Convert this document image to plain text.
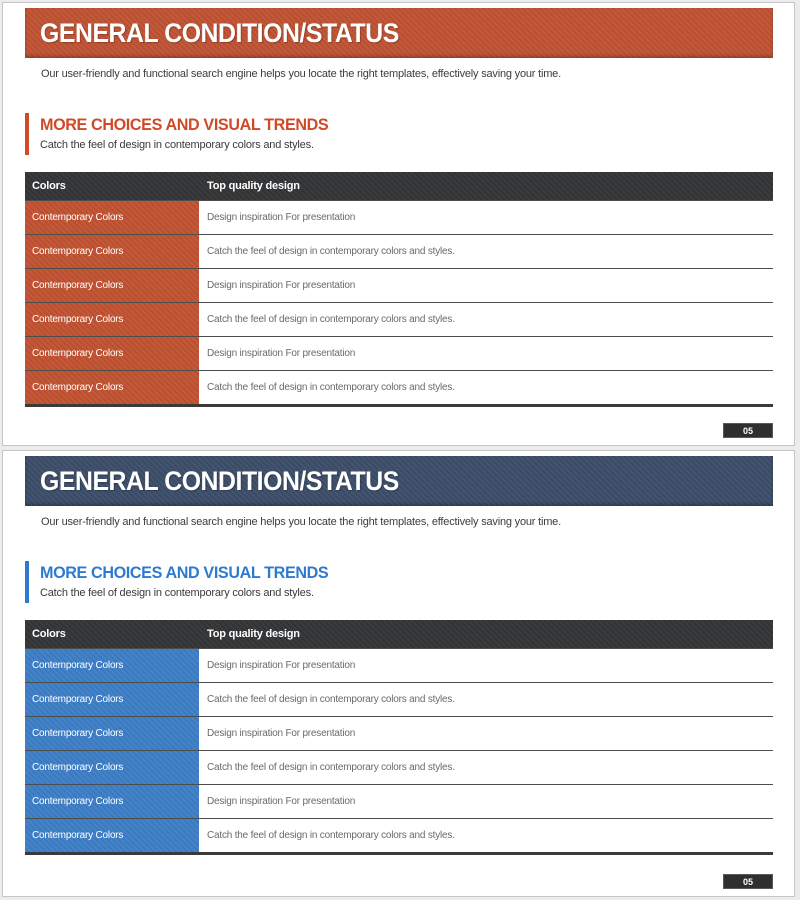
GENERAL CONDITION/STATUS
Our user-friendly and functional search engine helps you locate the right templates, effectively saving your time.
MORE CHOICES AND VISUAL TRENDS
Catch the feel of design in contemporary colors and styles.
Colors	Top quality design
Contemporary Colors	Design inspiration For presentation
Contemporary Colors	Catch the feel of design in contemporary colors and styles.
Contemporary Colors	Design inspiration For presentation
Contemporary Colors	Catch the feel of design in contemporary colors and styles.
Contemporary Colors	Design inspiration For presentation
Contemporary Colors	Catch the feel of design in contemporary colors and styles.
05
GENERAL CONDITION/STATUS
Our user-friendly and functional search engine helps you locate the right templates, effectively saving your time.
MORE CHOICES AND VISUAL TRENDS
Catch the feel of design in contemporary colors and styles.
Colors	Top quality design
Contemporary Colors	Design inspiration For presentation
Contemporary Colors	Catch the feel of design in contemporary colors and styles.
Contemporary Colors	Design inspiration For presentation
Contemporary Colors	Catch the feel of design in contemporary colors and styles.
Contemporary Colors	Design inspiration For presentation
Contemporary Colors	Catch the feel of design in contemporary colors and styles.
05
